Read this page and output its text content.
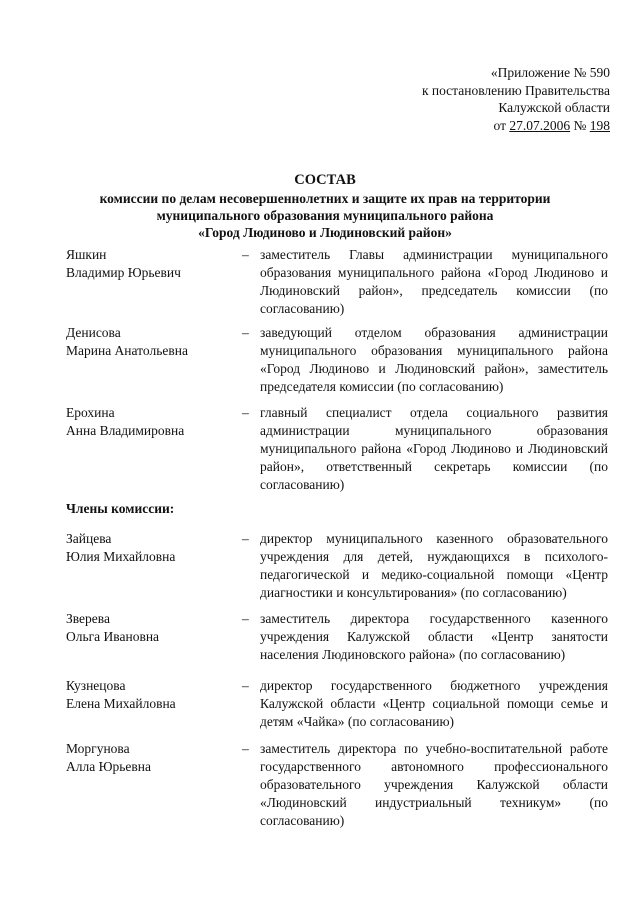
«Приложение № 590
к постановлению Правительства
Калужской области
от 27.07.2006 № 198
СОСТАВ
комиссии по делам несовершеннолетних и защите их прав на территории
муниципального образования муниципального района
«Город Людиново и Людиновский район»
Яшкин
Владимир Юрьевич
– заместитель Главы администрации муниципального образования муниципального района «Город Людиново и Людиновский район», председатель комиссии (по согласованию)
Денисова
Марина Анатольевна
– заведующий отделом образования администрации муниципального образования муниципального района «Город Людиново и Людиновский район», заместитель председателя комиссии (по согласованию)
Ерохина
Анна Владимировна
– главный специалист отдела социального развития администрации муниципального образования муниципального района «Город Людиново и Людиновский район», ответственный секретарь комиссии (по согласованию)
Члены комиссии:
Зайцева
Юлия Михайловна
– директор муниципального казенного образовательного учреждения для детей, нуждающихся в психолого-педагогической и медико-социальной помощи «Центр диагностики и консультирования» (по согласованию)
Зверева
Ольга Ивановна
– заместитель директора государственного казенного учреждения Калужской области «Центр занятости населения Людиновского района» (по согласованию)
Кузнецова
Елена Михайловна
– директор государственного бюджетного учреждения Калужской области «Центр социальной помощи семье и детям «Чайка» (по согласованию)
Моргунова
Алла Юрьевна
– заместитель директора по учебно-воспитательной работе государственного автономного профессионального образовательного учреждения Калужской области «Людиновский индустриальный техникум» (по согласованию)
